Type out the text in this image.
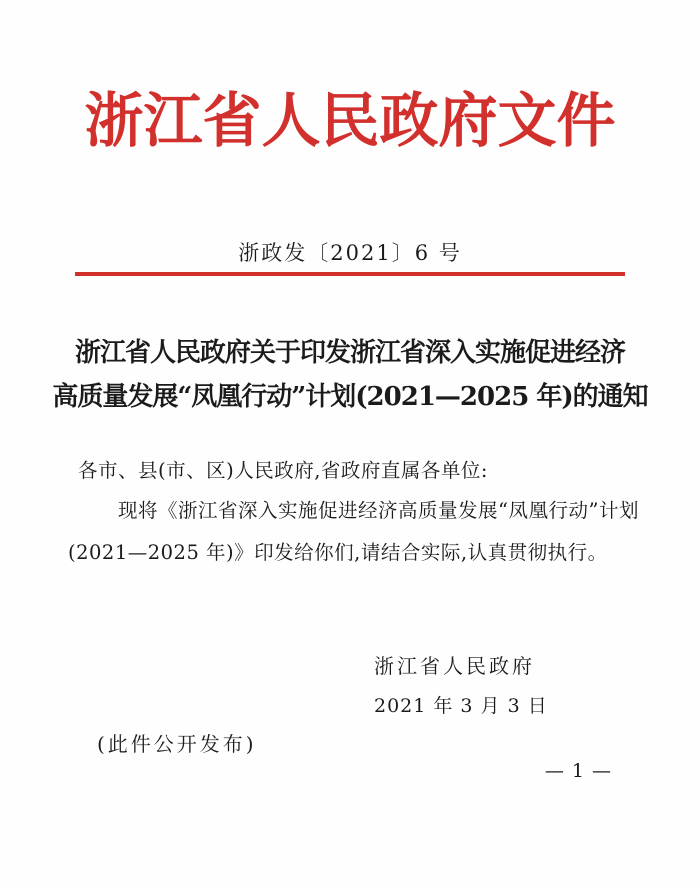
浙江省人民政府文件
浙政发〔2021〕6 号
浙江省人民政府关于印发浙江省深入实施促进经济
高质量发展“凤凰行动”计划(2021—2025 年)的通知
各市、县(市、区)人民政府,省政府直属各单位:
现将《浙江省深入实施促进经济高质量发展“凤凰行动”计划
(2021—2025 年)》印发给你们,请结合实际,认真贯彻执行。
浙江省人民政府
2021 年 3 月 3 日
(此件公开发布)
— 1 —
